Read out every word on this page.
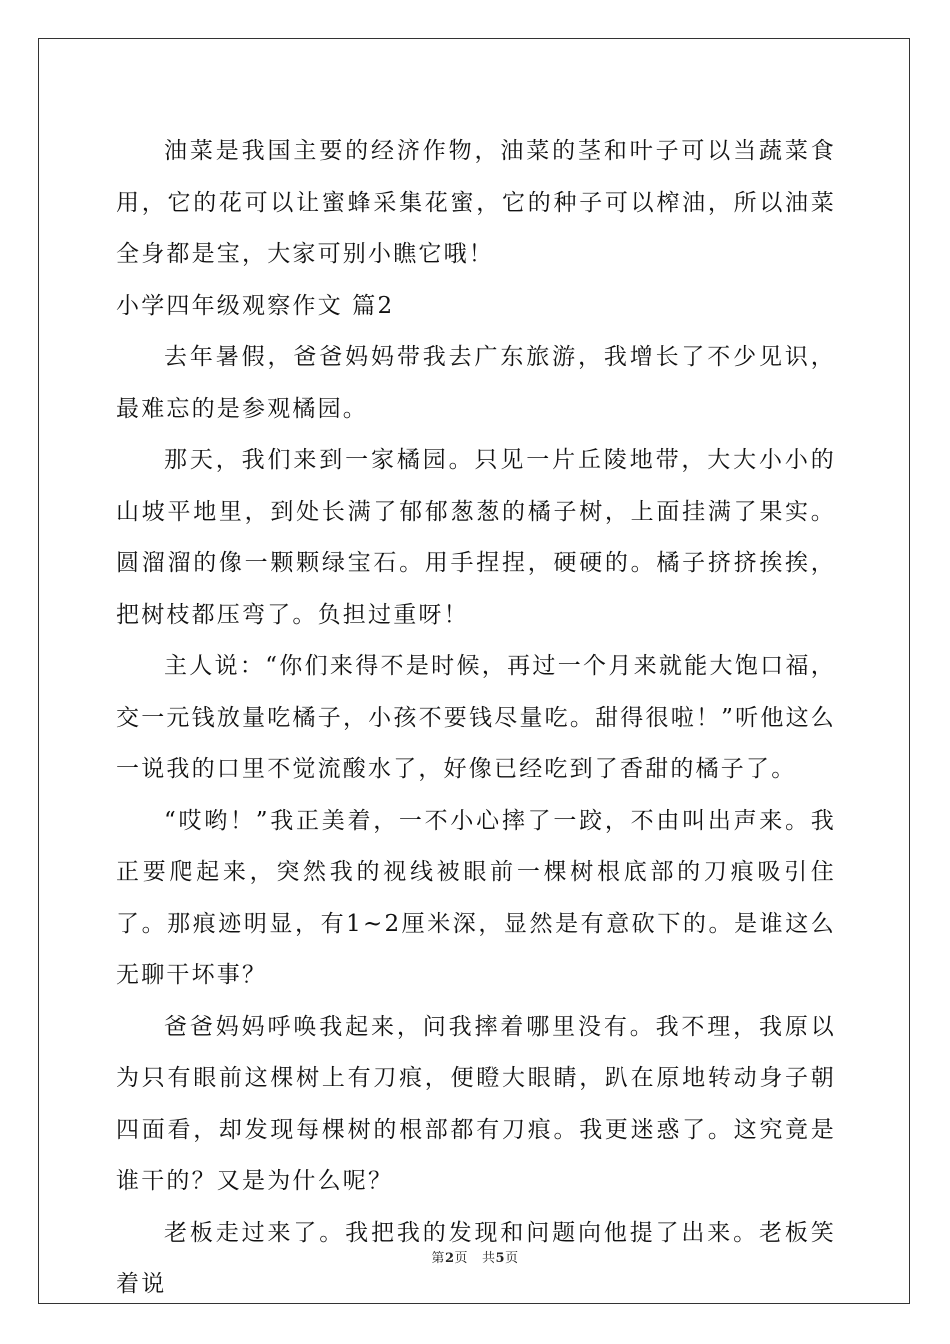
油菜是我国主要的经济作物，油菜的茎和叶子可以当蔬菜食用，它的花可以让蜜蜂采集花蜜，它的种子可以榨油，所以油菜全身都是宝，大家可别小瞧它哦！

小学四年级观察作文 篇2

去年暑假，爸爸妈妈带我去广东旅游，我增长了不少见识，最难忘的是参观橘园。

那天，我们来到一家橘园。只见一片丘陵地带，大大小小的山坡平地里，到处长满了郁郁葱葱的橘子树，上面挂满了果实。圆溜溜的像一颗颗绿宝石。用手捏捏，硬硬的。橘子挤挤挨挨，把树枝都压弯了。负担过重呀！

主人说：“你们来得不是时候，再过一个月来就能大饱口福，交一元钱放量吃橘子，小孩不要钱尽量吃。甜得很啦！”听他这么一说我的口里不觉流酸水了，好像已经吃到了香甜的橘子了。

“哎哟！”我正美着，一不小心摔了一跤，不由叫出声来。我正要爬起来，突然我的视线被眼前一棵树根底部的刀痕吸引住了。那痕迹明显，有1~2厘米深，显然是有意砍下的。是谁这么无聊干坏事？

爸爸妈妈呼唤我起来，问我摔着哪里没有。我不理，我原以为只有眼前这棵树上有刀痕，便瞪大眼睛，趴在原地转动身子朝四面看，却发现每棵树的根部都有刀痕。我更迷惑了。这究竟是谁干的？又是为什么呢？

老板走过来了。我把我的发现和问题向他提了出来。老板笑着说

第2页 共5页
